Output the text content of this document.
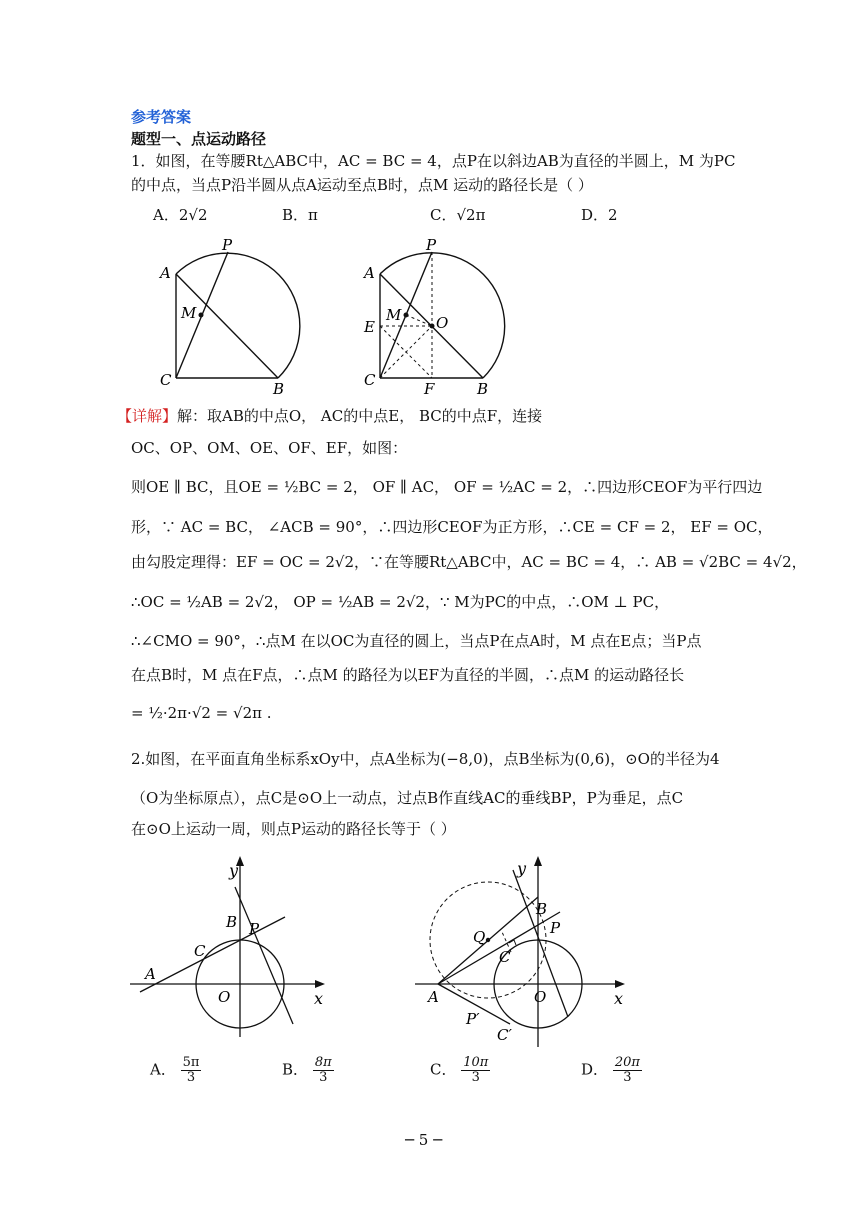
参考答案
题型一、点运动路径
1．如图，在等腰Rt△ABC中，AC = BC = 4，点P在以斜边AB为直径的半圆上，M 为PC
的中点，当点P沿半圆从点A运动至点B时，点M 运动的路径长是（ ）
A．2√2	B．π	C．√2π	D．2
A
P
M
C	B
A
P
M O
E
C	F	B
【详解】解：取AB的中点O， AC的中点E， BC的中点F，连接
OC、OP、OM、OE、OF、EF，如图：
则OE ∥ BC，且OE = ½BC = 2， OF ∥ AC， OF = ½AC = 2，∴四边形CEOF为平行四边
形，∵ AC = BC， ∠ACB = 90°，∴四边形CEOF为正方形，∴CE = CF = 2， EF = OC，
由勾股定理得：EF = OC = 2√2，∵在等腰Rt△ABC中，AC = BC = 4，∴ AB = √2BC = 4√2，
∴OC = ½AB = 2√2， OP = ½AB = 2√2，∵ M为PC的中点，∴OM ⊥ PC，
∴∠CMO = 90°，∴点M 在以OC为直径的圆上，当点P在点A时，M 点在E点；当P点
在点B时，M 点在F点，∴点M 的路径为以EF为直径的半圆，∴点M 的运动路径长
= ½·2π·√2 = √2π .
2.如图，在平面直角坐标系xOy中，点A坐标为(−8,0)，点B坐标为(0,6)，⊙O的半径为4
（O为坐标原点），点C是⊙O上一动点，过点B作直线AC的垂线BP，P为垂足，点C
在⊙O上运动一周，则点P运动的路径长等于（ ）
y
B P
C
A
O	x
y
B
P
Q
C
A	O	x
P′
C′
A． $\frac{5\pi}{3}$	B． $\frac{8\pi}{3}$	C． $\frac{10\pi}{3}$	D． $\frac{20\pi}{3}$
─ 5 ─
